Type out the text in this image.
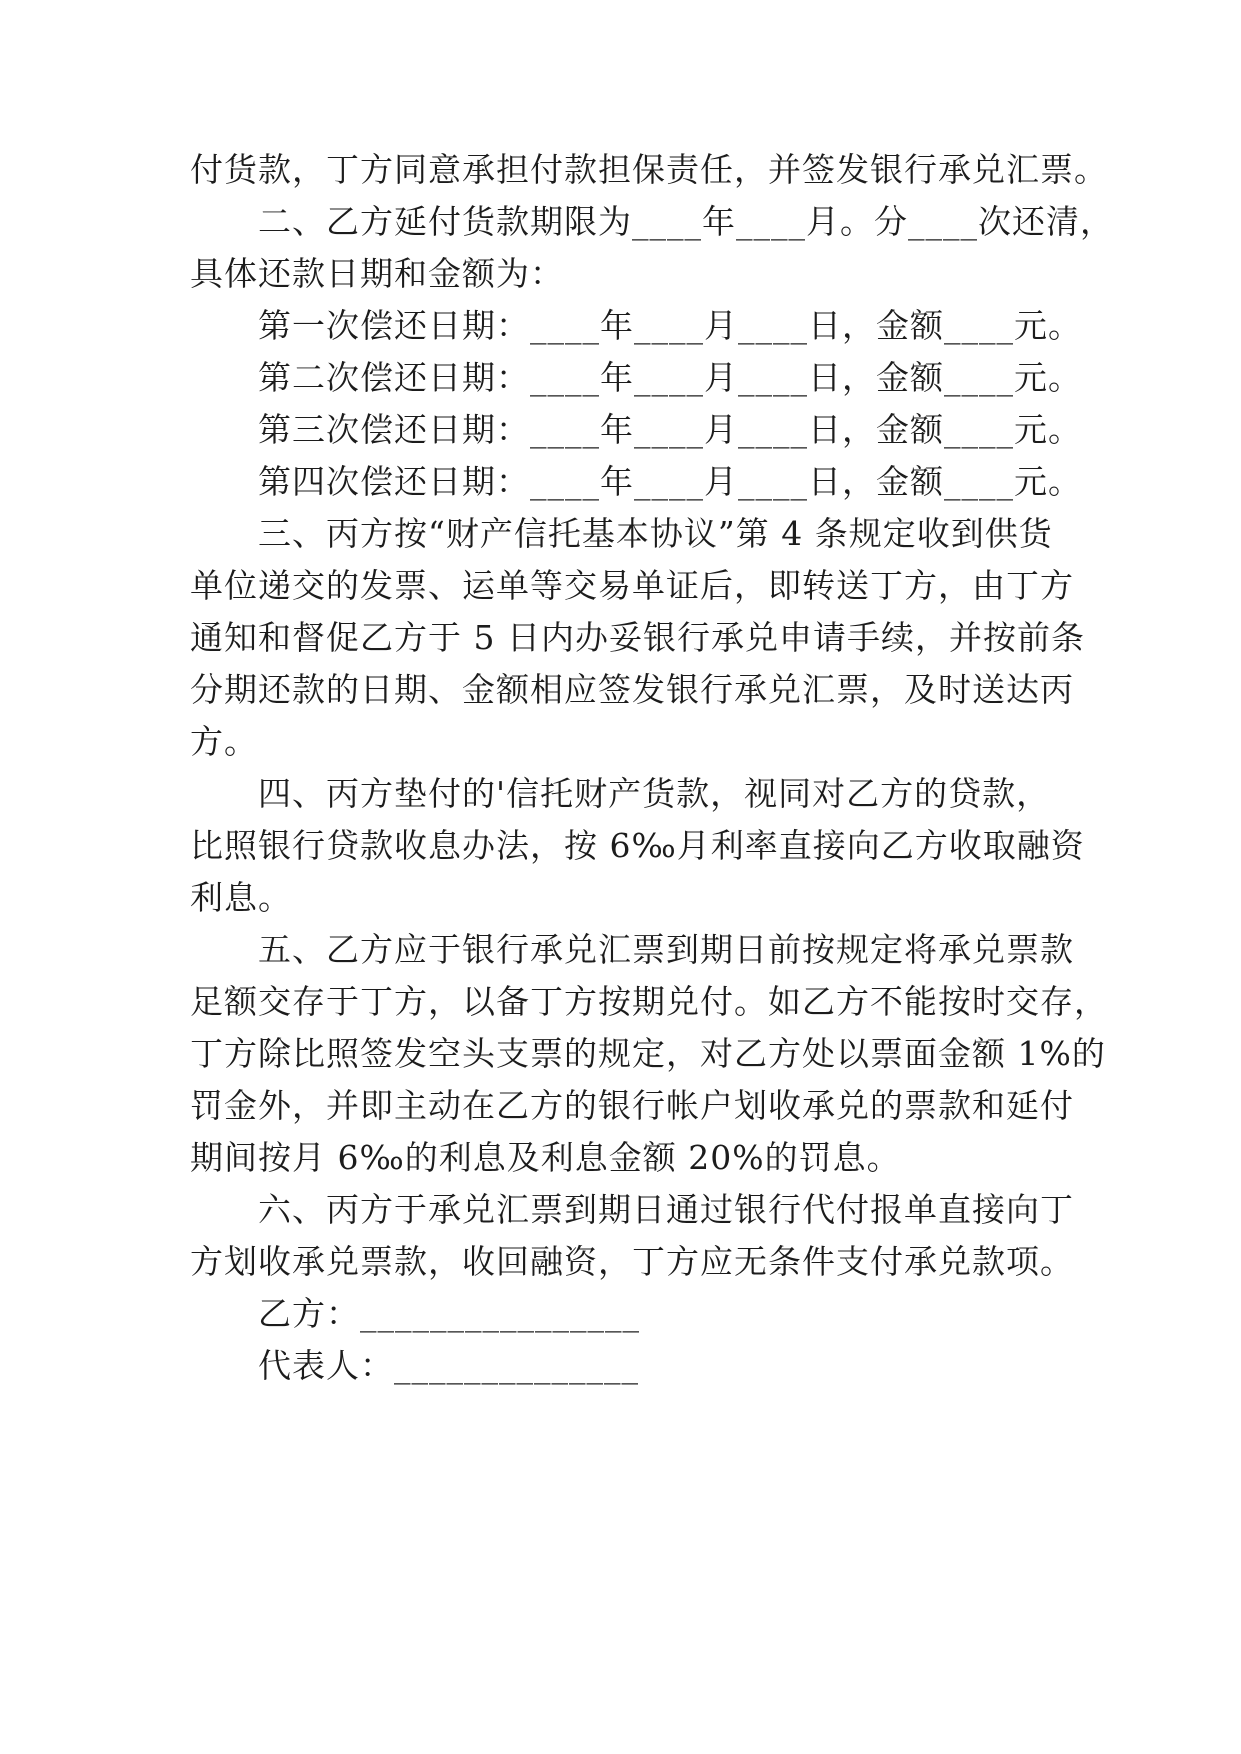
付货款，丁方同意承担付款担保责任，并签发银行承兑汇票。
二、乙方延付货款期限为____年____月。分____次还清，
具体还款日期和金额为：
第一次偿还日期：____年____月____日，金额____元。
第二次偿还日期：____年____月____日，金额____元。
第三次偿还日期：____年____月____日，金额____元。
第四次偿还日期：____年____月____日，金额____元。
三、丙方按“财产信托基本协议”第 4 条规定收到供货
单位递交的发票、运单等交易单证后，即转送丁方，由丁方
通知和督促乙方于 5 日内办妥银行承兑申请手续，并按前条
分期还款的日期、金额相应签发银行承兑汇票，及时送达丙
方。
四、丙方垫付的'信托财产货款，视同对乙方的贷款，
比照银行贷款收息办法，按 6‰月利率直接向乙方收取融资
利息。
五、乙方应于银行承兑汇票到期日前按规定将承兑票款
足额交存于丁方，以备丁方按期兑付。如乙方不能按时交存，
丁方除比照签发空头支票的规定，对乙方处以票面金额 1%的
罚金外，并即主动在乙方的银行帐户划收承兑的票款和延付
期间按月 6‰的利息及利息金额 20%的罚息。
六、丙方于承兑汇票到期日通过银行代付报单直接向丁
方划收承兑票款，收回融资，丁方应无条件支付承兑款项。
乙方：________________
代表人：______________
